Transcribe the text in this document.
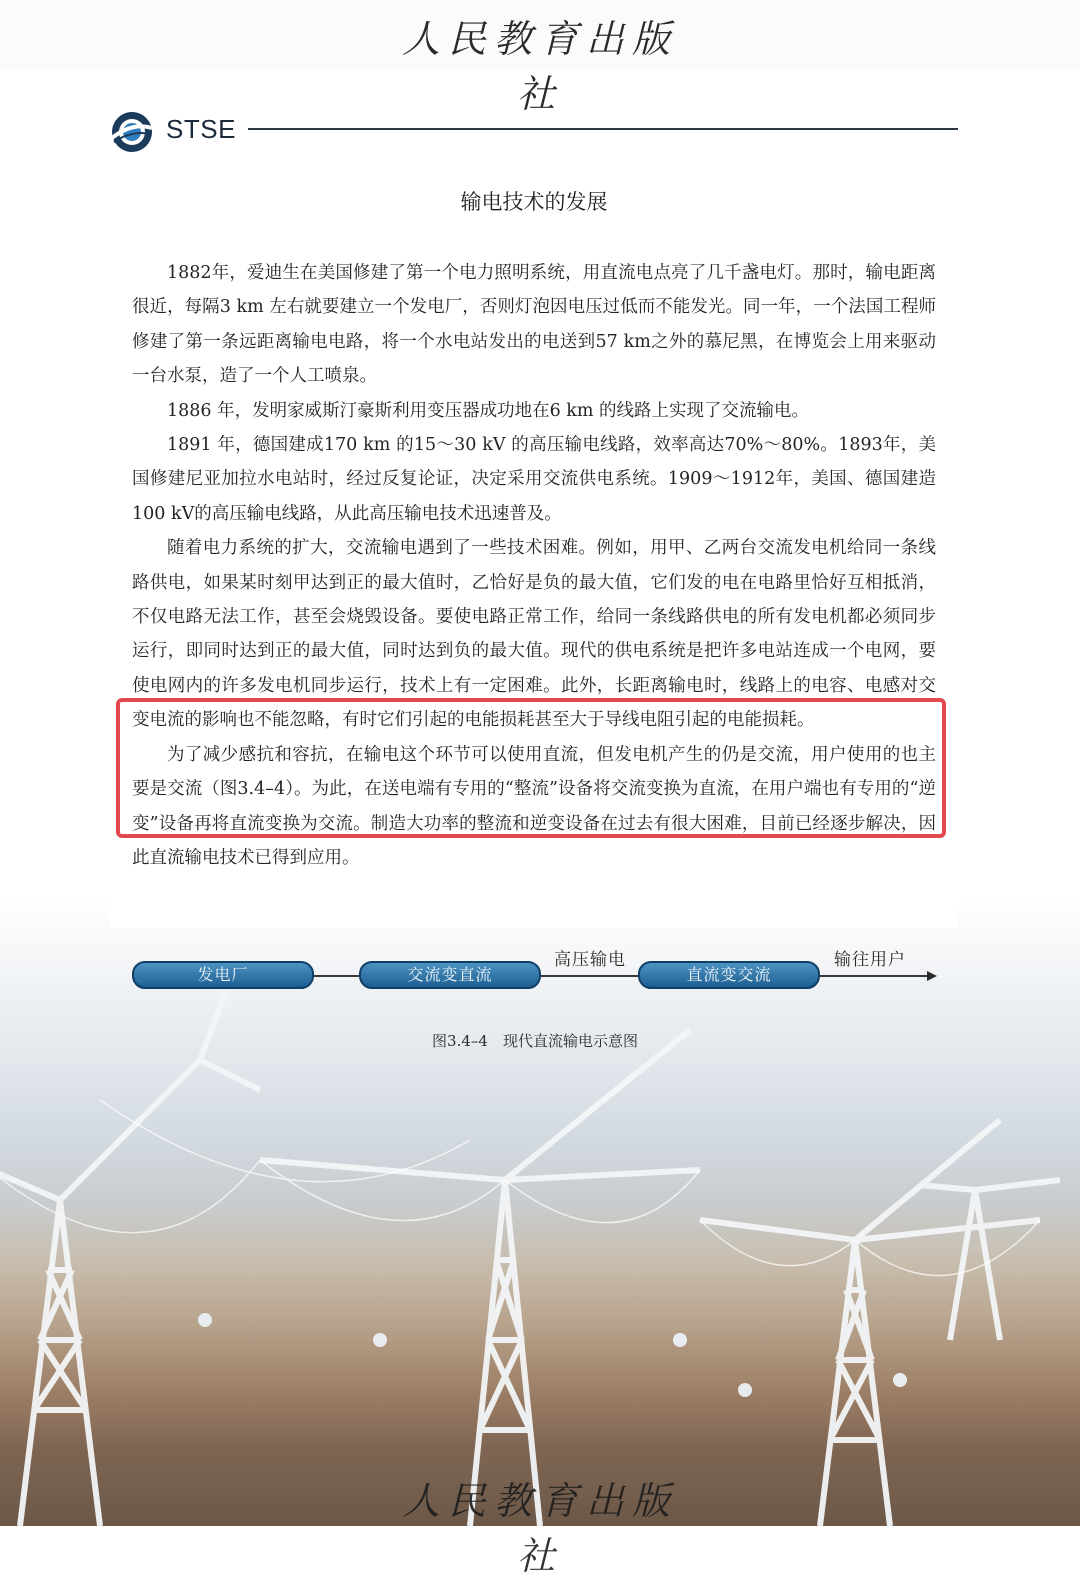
人民教育出版社
STSE
输电技术的发展

1882年，爱迪生在美国修建了第一个电力照明系统，用直流电点亮了几千盏电灯。那时，输电距离很近，每隔3 km 左右就要建立一个发电厂，否则灯泡因电压过低而不能发光。同一年，一个法国工程师修建了第一条远距离输电电路，将一个水电站发出的电送到57 km之外的慕尼黑，在博览会上用来驱动一台水泵，造了一个人工喷泉。

1886 年，发明家威斯汀豪斯利用变压器成功地在6 km 的线路上实现了交流输电。

1891 年，德国建成170 km 的15～30 kV 的高压输电线路，效率高达70%～80%。1893年，美国修建尼亚加拉水电站时，经过反复论证，决定采用交流供电系统。1909～1912年，美国、德国建造100 kV的高压输电线路，从此高压输电技术迅速普及。

随着电力系统的扩大，交流输电遇到了一些技术困难。例如，用甲、乙两台交流发电机给同一条线路供电，如果某时刻甲达到正的最大值时，乙恰好是负的最大值，它们发的电在电路里恰好互相抵消，不仅电路无法工作，甚至会烧毁设备。要使电路正常工作，给同一条线路供电的所有发电机都必须同步运行，即同时达到正的最大值，同时达到负的最大值。现代的供电系统是把许多电站连成一个电网，要使电网内的许多发电机同步运行，技术上有一定困难。此外，长距离输电时，线路上的电容、电感对交变电流的影响也不能忽略，有时它们引起的电能损耗甚至大于导线电阻引起的电能损耗。

为了减少感抗和容抗，在输电这个环节可以使用直流，但发电机产生的仍是交流，用户使用的也主要是交流（图3.4–4）。为此，在送电端有专用的“整流”设备将交流变换为直流，在用户端也有专用的“逆变”设备再将直流变换为交流。制造大功率的整流和逆变设备在过去有很大困难，目前已经逐步解决，因此直流输电技术已得到应用。

发电厂	交流变直流
高压输电
直流变交流
输往用户
图3.4–4　现代直流输电示意图
人民教育出版社
